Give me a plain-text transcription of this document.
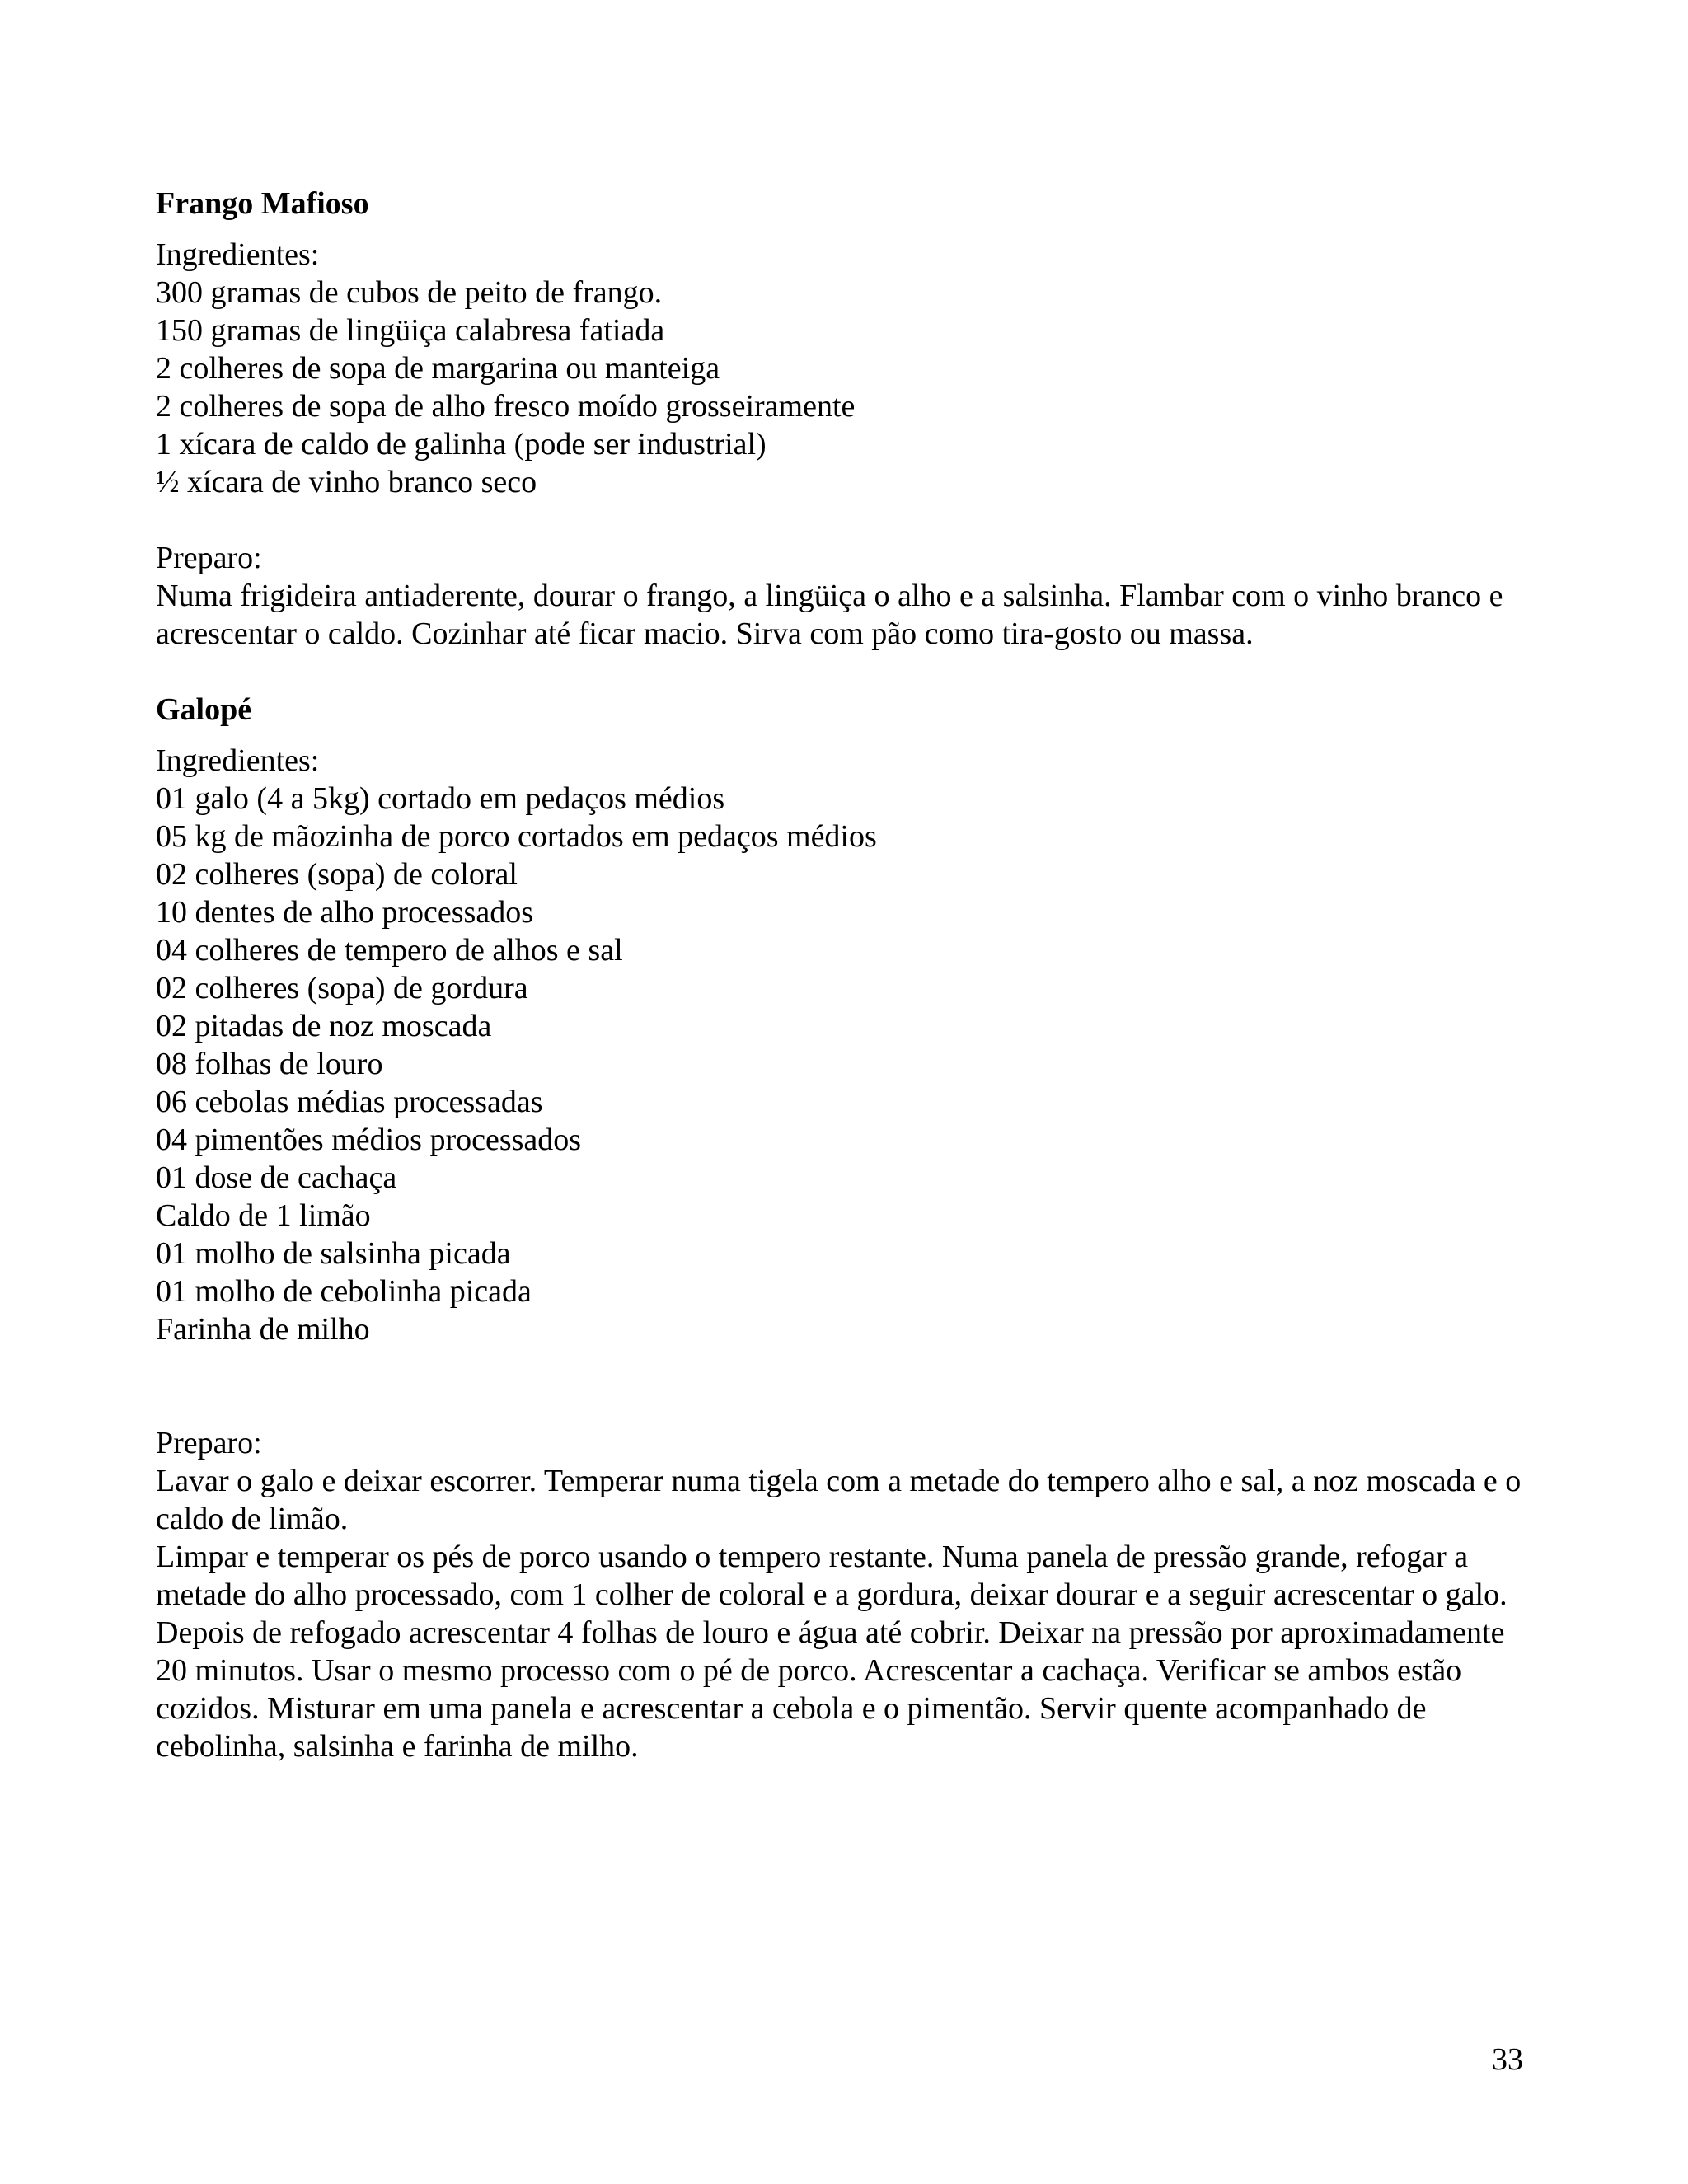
Frango Mafioso

Ingredientes:

300 gramas de cubos de peito de frango.

150 gramas de lingüiça calabresa fatiada

2 colheres de sopa de margarina ou manteiga

2 colheres de sopa de alho fresco moído grosseiramente

1 xícara de caldo de galinha (pode ser industrial)

½ xícara de vinho branco seco

Preparo:

Numa frigideira antiaderente, dourar o frango, a lingüiça o alho e a salsinha. Flambar com o vinho branco e acrescentar o caldo. Cozinhar até ficar macio. Sirva com pão como tira-gosto ou massa.

Galopé

Ingredientes:

01 galo (4 a 5kg) cortado em pedaços médios

05 kg de mãozinha de porco cortados em pedaços médios

02 colheres (sopa) de coloral

10 dentes de alho processados

04 colheres de tempero de alhos e sal

02 colheres (sopa) de gordura

02 pitadas de noz moscada

08 folhas de louro

06 cebolas médias processadas

04 pimentões médios processados

01 dose de cachaça

Caldo de 1 limão

01 molho de salsinha picada

01 molho de cebolinha picada

Farinha de milho

Preparo:

Lavar o galo e deixar escorrer. Temperar numa tigela com a metade do tempero alho e sal, a noz moscada e o caldo de limão.

Limpar e temperar os pés de porco usando o tempero restante. Numa panela de pressão grande, refogar a metade do alho processado, com 1 colher de coloral e a gordura, deixar dourar e a seguir acrescentar o galo. Depois de refogado acrescentar 4 folhas de louro e água até cobrir. Deixar na pressão por aproximadamente 20 minutos. Usar o mesmo processo com o pé de porco. Acrescentar a cachaça. Verificar se ambos estão cozidos. Misturar em uma panela e acrescentar a cebola e o pimentão. Servir quente acompanhado de cebolinha, salsinha e farinha de milho.

33
